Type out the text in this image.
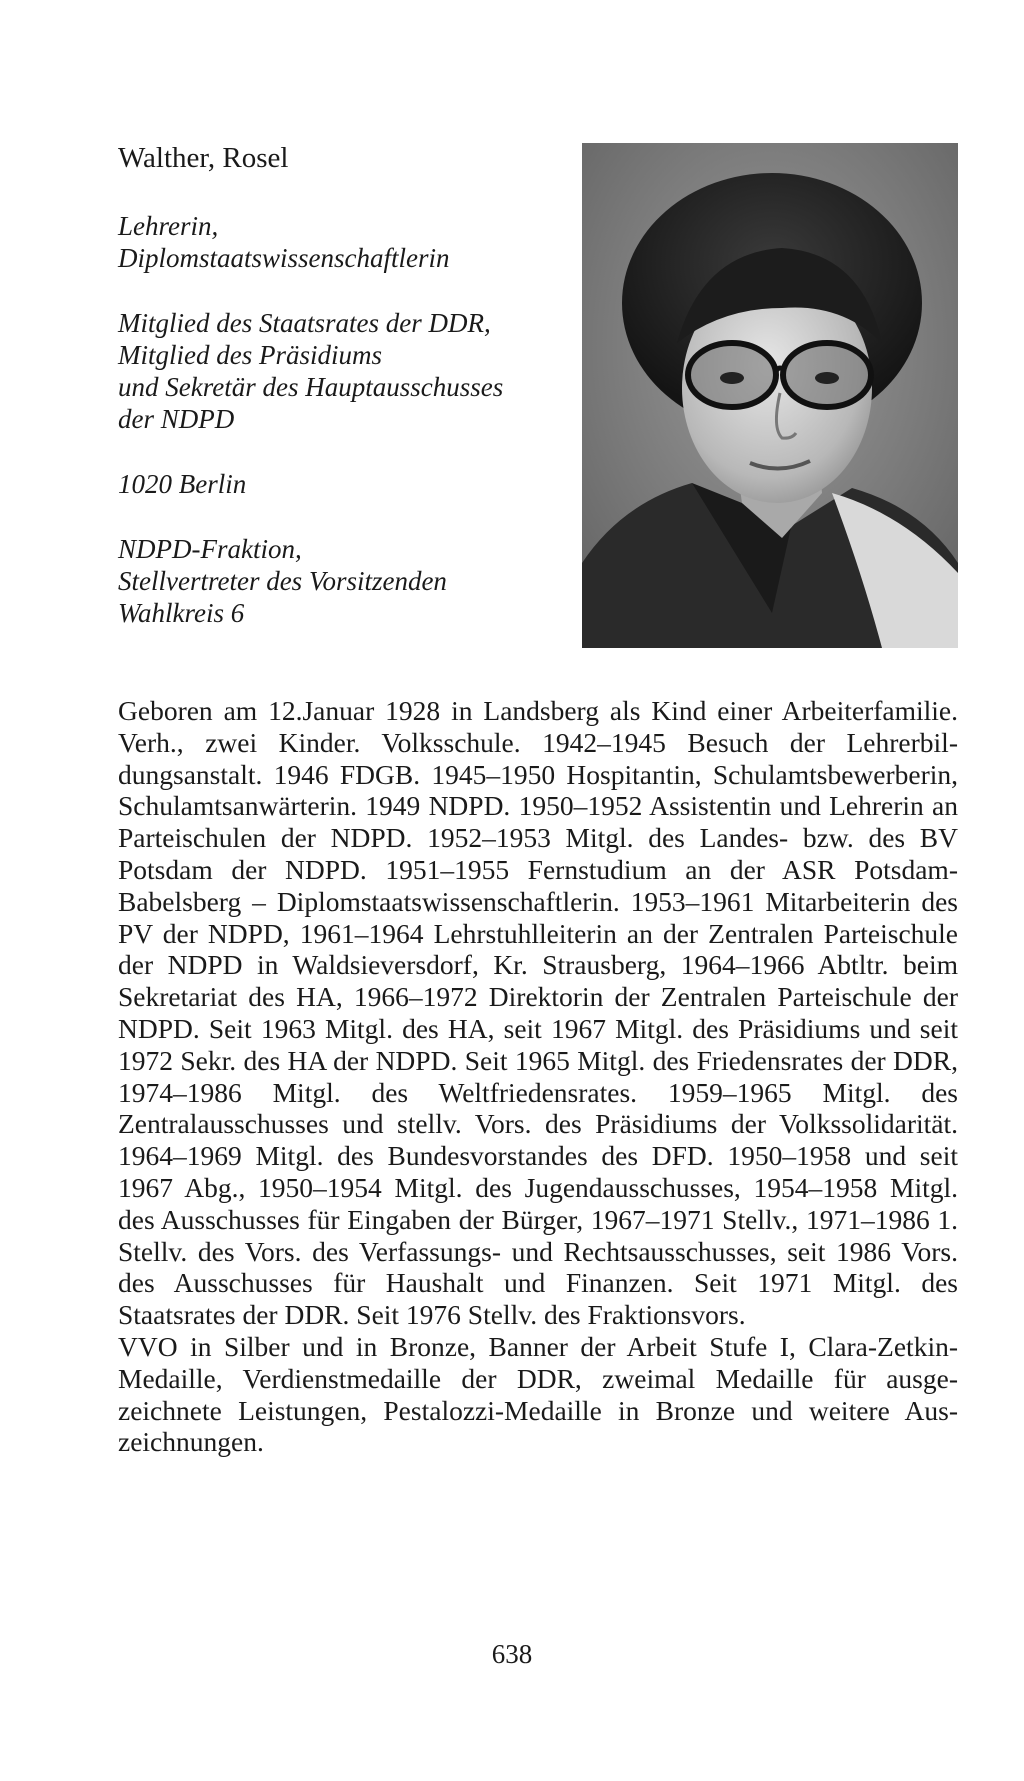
Walther, Rosel
Lehrerin,
Diplomstaatswissenschaftlerin
Mitglied des Staatsrates der DDR,
Mitglied des Präsidiums
und Sekretär des Hauptausschusses
der NDPD
1020 Berlin
NDPD-Fraktion,
Stellvertreter des Vorsitzenden
Wahlkreis 6

Geboren am 12.Januar 1928 in Landsberg als Kind einer Arbeiterfamilie. Verh., zwei Kinder. Volksschule. 1942–1945 Besuch der Lehrerbildungsanstalt. 1946 FDGB. 1945–1950 Hospitantin, Schulamtsbewerberin, Schulamtsanwärterin. 1949 NDPD. 1950–1952 Assistentin und Lehrerin an Parteischulen der NDPD. 1952–1953 Mitgl. des Landes- bzw. des BV Potsdam der NDPD. 1951–1955 Fernstudium an der ASR Potsdam-Babelsberg – Diplomstaatswissenschaftlerin. 1953–1961 Mitarbeiterin des PV der NDPD, 1961–1964 Lehrstuhlleiterin an der Zentralen Parteischule der NDPD in Waldsieversdorf, Kr. Strausberg, 1964–1966 Abtltr. beim Sekretariat des HA, 1966–1972 Direktorin der Zentralen Parteischule der NDPD. Seit 1963 Mitgl. des HA, seit 1967 Mitgl. des Präsidiums und seit 1972 Sekr. des HA der NDPD. Seit 1965 Mitgl. des Friedensrates der DDR, 1974–1986 Mitgl. des Weltfriedensrates. 1959–1965 Mitgl. des Zentralausschusses und stellv. Vors. des Präsidiums der Volkssolidarität. 1964–1969 Mitgl. des Bundesvorstandes des DFD. 1950–1958 und seit 1967 Abg., 1950–1954 Mitgl. des Jugendausschusses, 1954–1958 Mitgl. des Ausschusses für Eingaben der Bürger, 1967–1971 Stellv., 1971–1986 1. Stellv. des Vors. des Verfassungs- und Rechtsausschusses, seit 1986 Vors. des Ausschusses für Haushalt und Finanzen. Seit 1971 Mitgl. des Staatsrates der DDR. Seit 1976 Stellv. des Fraktionsvors.

VVO in Silber und in Bronze, Banner der Arbeit Stufe I, Clara-Zetkin-Medaille, Verdienstmedaille der DDR, zweimal Medaille für ausgezeichnete Leistungen, Pestalozzi-Medaille in Bronze und weitere Auszeichnungen.

638
